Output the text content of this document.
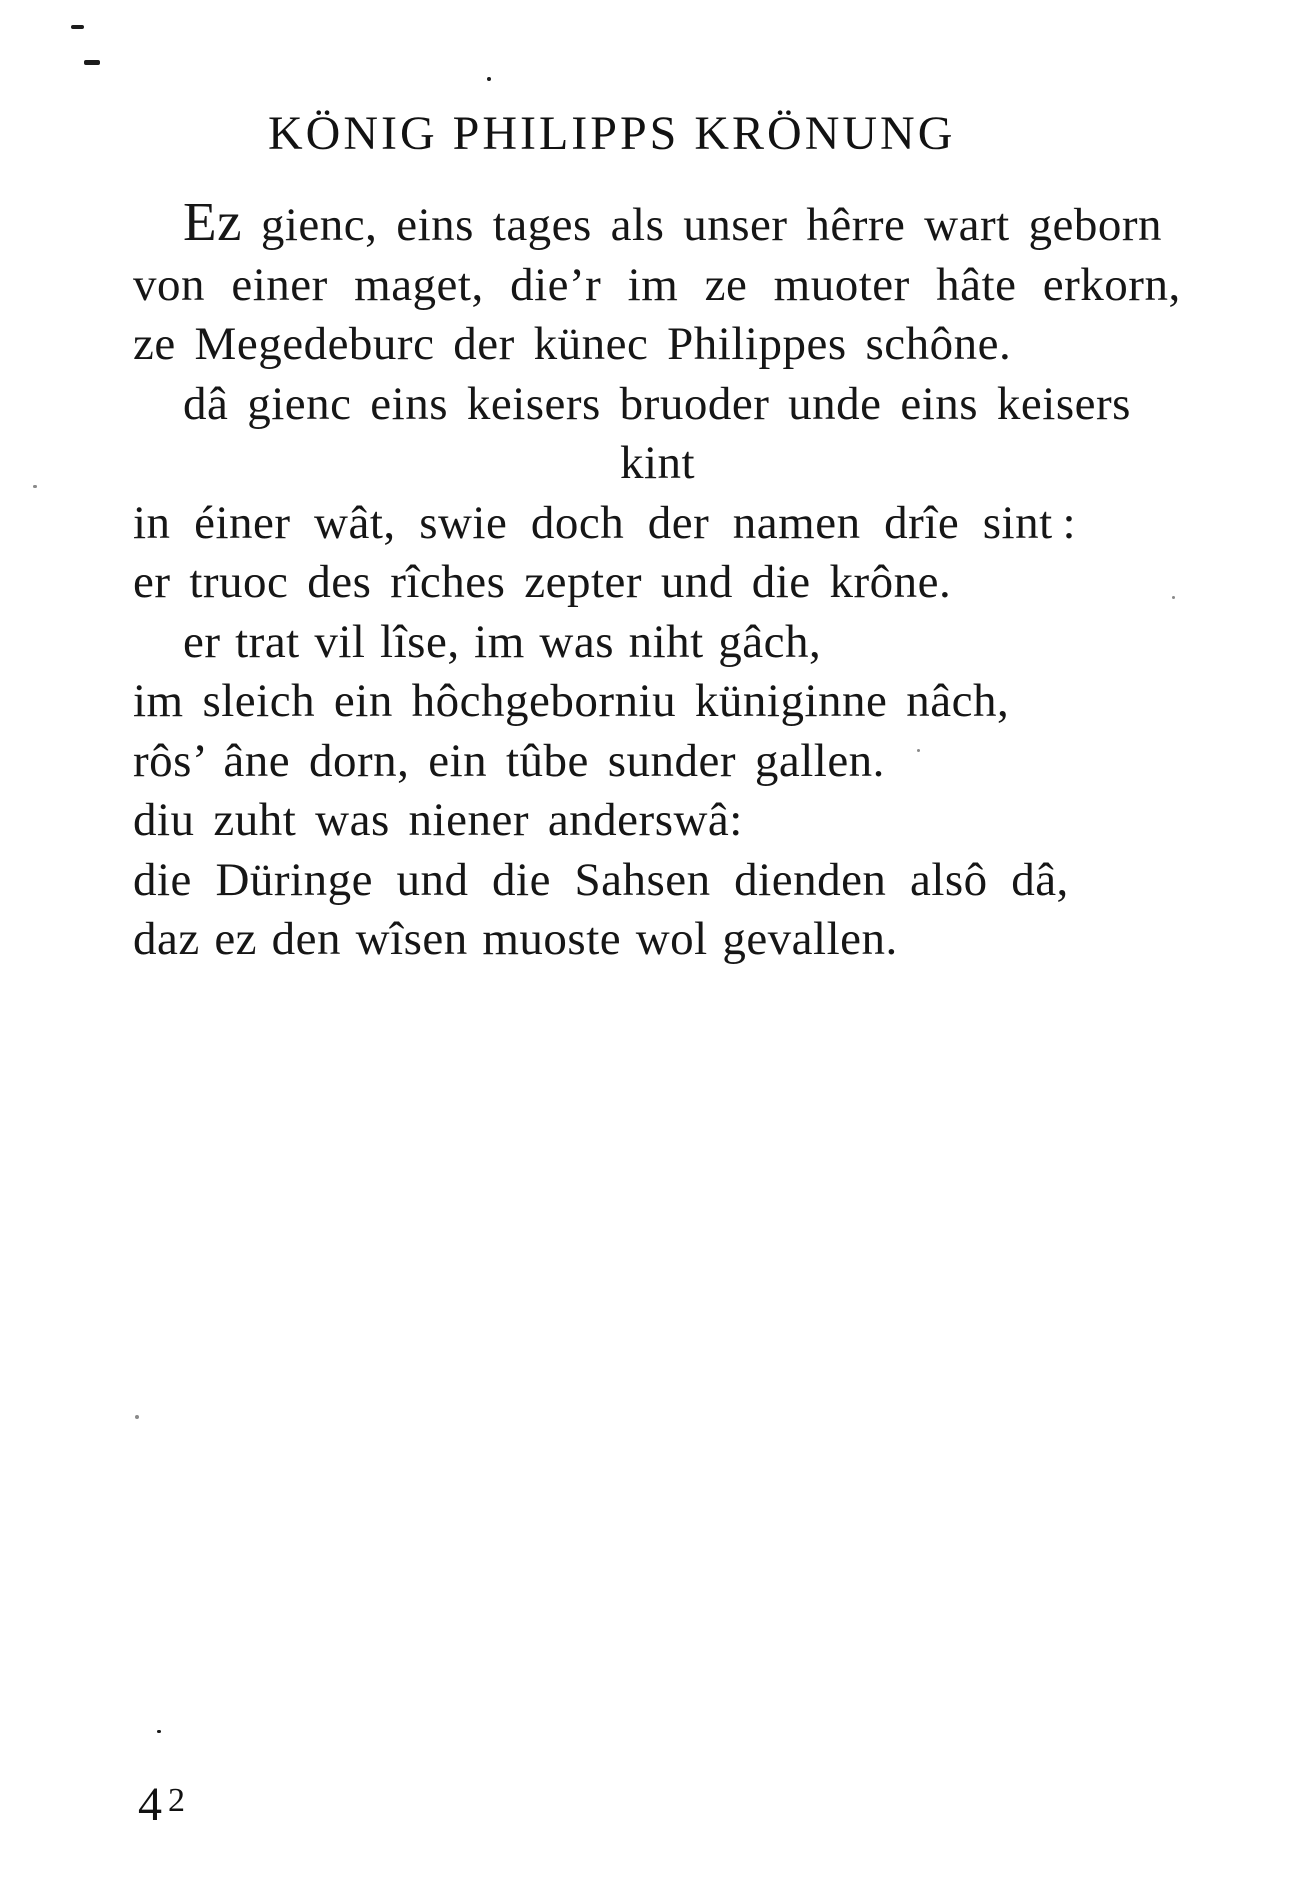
KÖNIG PHILIPPS KRÖNUNG
Ez gienc, eins tages als unser hêrre wart geborn
von einer maget, die’r im ze muoter hâte erkorn,
ze Megedeburc der künec Philippes schône.
dâ gienc eins keisers bruoder unde eins keisers
kint
in éiner wât, swie doch der namen drîe sint :
er truoc des rîches zepter und die krône.
er trat vil lîse, im was niht gâch,
im sleich ein hôchgeborniu küniginne nâch,
rôs’ âne dorn, ein tûbe sunder gallen.
diu zuht was niener anderswâ:
die Düringe und die Sahsen dienden alsô dâ,
daz ez den wîsen muoste wol gevallen.
4 2
